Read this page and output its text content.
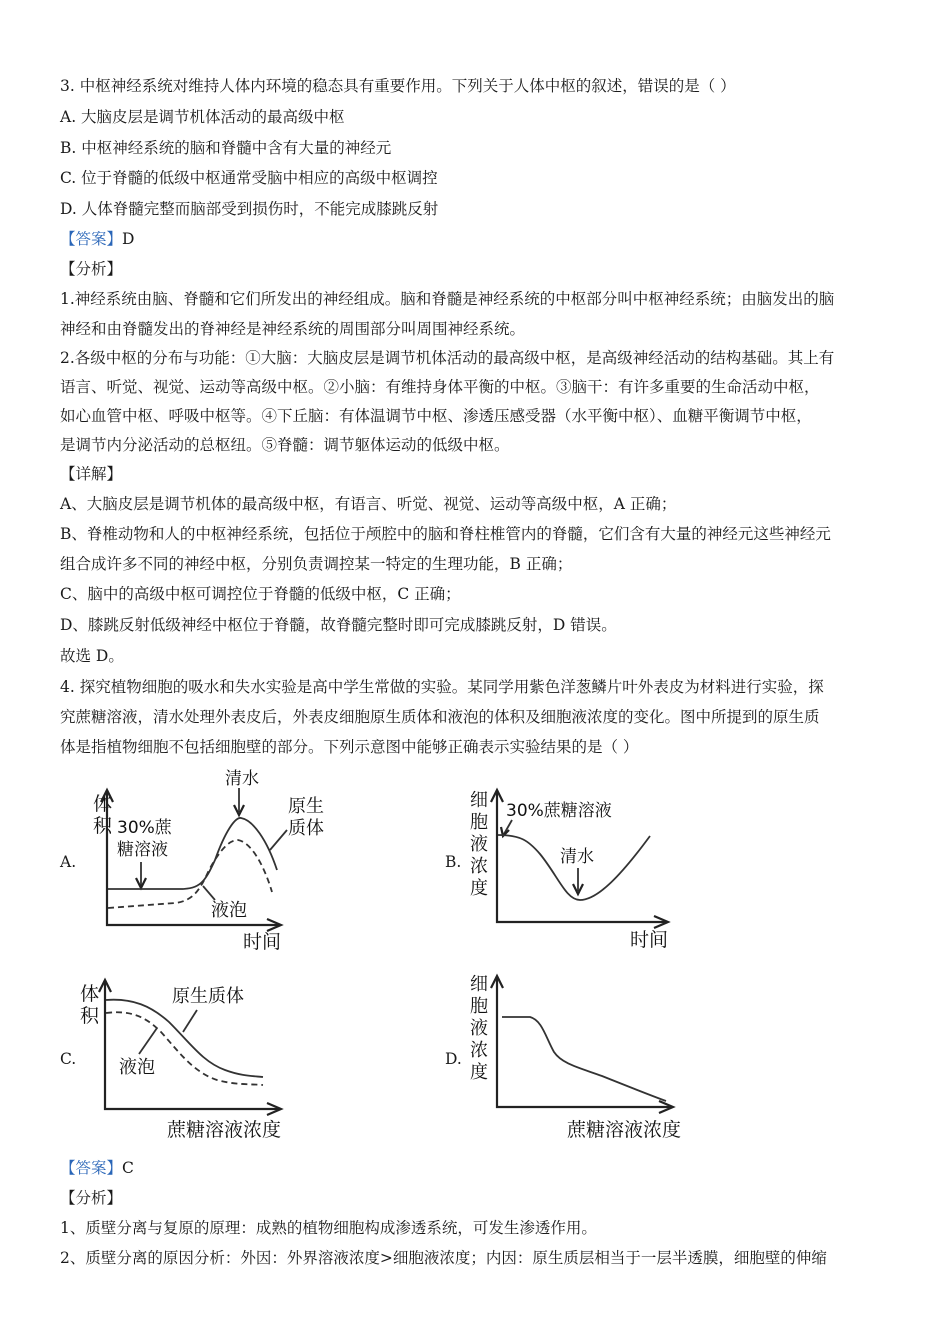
3. 中枢神经系统对维持人体内环境的稳态具有重要作用。下列关于人体中枢的叙述，错误的是（ ）
A. 大脑皮层是调节机体活动的最高级中枢
B. 中枢神经系统的脑和脊髓中含有大量的神经元
C. 位于脊髓的低级中枢通常受脑中相应的高级中枢调控
D. 人体脊髓完整而脑部受到损伤时，不能完成膝跳反射
【答案】D
【分析】
1.神经系统由脑、脊髓和它们所发出的神经组成。脑和脊髓是神经系统的中枢部分叫中枢神经系统；由脑发出的脑
神经和由脊髓发出的脊神经是神经系统的周围部分叫周围神经系统。
2.各级中枢的分布与功能：①大脑：大脑皮层是调节机体活动的最高级中枢，是高级神经活动的结构基础。其上有
语言、听觉、视觉、运动等高级中枢。②小脑：有维持身体平衡的中枢。③脑干：有许多重要的生命活动中枢，
如心血管中枢、呼吸中枢等。④下丘脑：有体温调节中枢、渗透压感受器（水平衡中枢）、血糖平衡调节中枢，
是调节内分泌活动的总枢纽。⑤脊髓：调节躯体运动的低级中枢。
【详解】
A、大脑皮层是调节机体的最高级中枢，有语言、听觉、视觉、运动等高级中枢，A 正确；
B、脊椎动物和人的中枢神经系统，包括位于颅腔中的脑和脊柱椎管内的脊髓，它们含有大量的神经元这些神经元
组合成许多不同的神经中枢，分别负责调控某一特定的生理功能，B 正确；
C、脑中的高级中枢可调控位于脊髓的低级中枢，C 正确；
D、膝跳反射低级神经中枢位于脊髓，故脊髓完整时即可完成膝跳反射，D 错误。
故选 D。
4. 探究植物细胞的吸水和失水实验是高中学生常做的实验。某同学用紫色洋葱鳞片叶外表皮为材料进行实验，探
究蔗糖溶液，清水处理外表皮后，外表皮细胞原生质体和液泡的体积及细胞液浓度的变化。图中所提到的原生质
体是指植物细胞不包括细胞壁的部分。下列示意图中能够正确表示实验结果的是（ ）
A.
体
积
时间
30%蔗
糖溶液
清水
原生
质体
液泡
B.
细
胞
液
浓
度
时间
30%蔗糖溶液
清水
C.
体
积
蔗糖溶液浓度
原生质体
液泡	D.
细
胞
液
浓
度
蔗糖溶液浓度
【答案】C
【分析】
1、质壁分离与复原的原理：成熟的植物细胞构成渗透系统，可发生渗透作用。
2、质壁分离的原因分析：外因：外界溶液浓度>细胞液浓度；内因：原生质层相当于一层半透膜，细胞壁的伸缩
